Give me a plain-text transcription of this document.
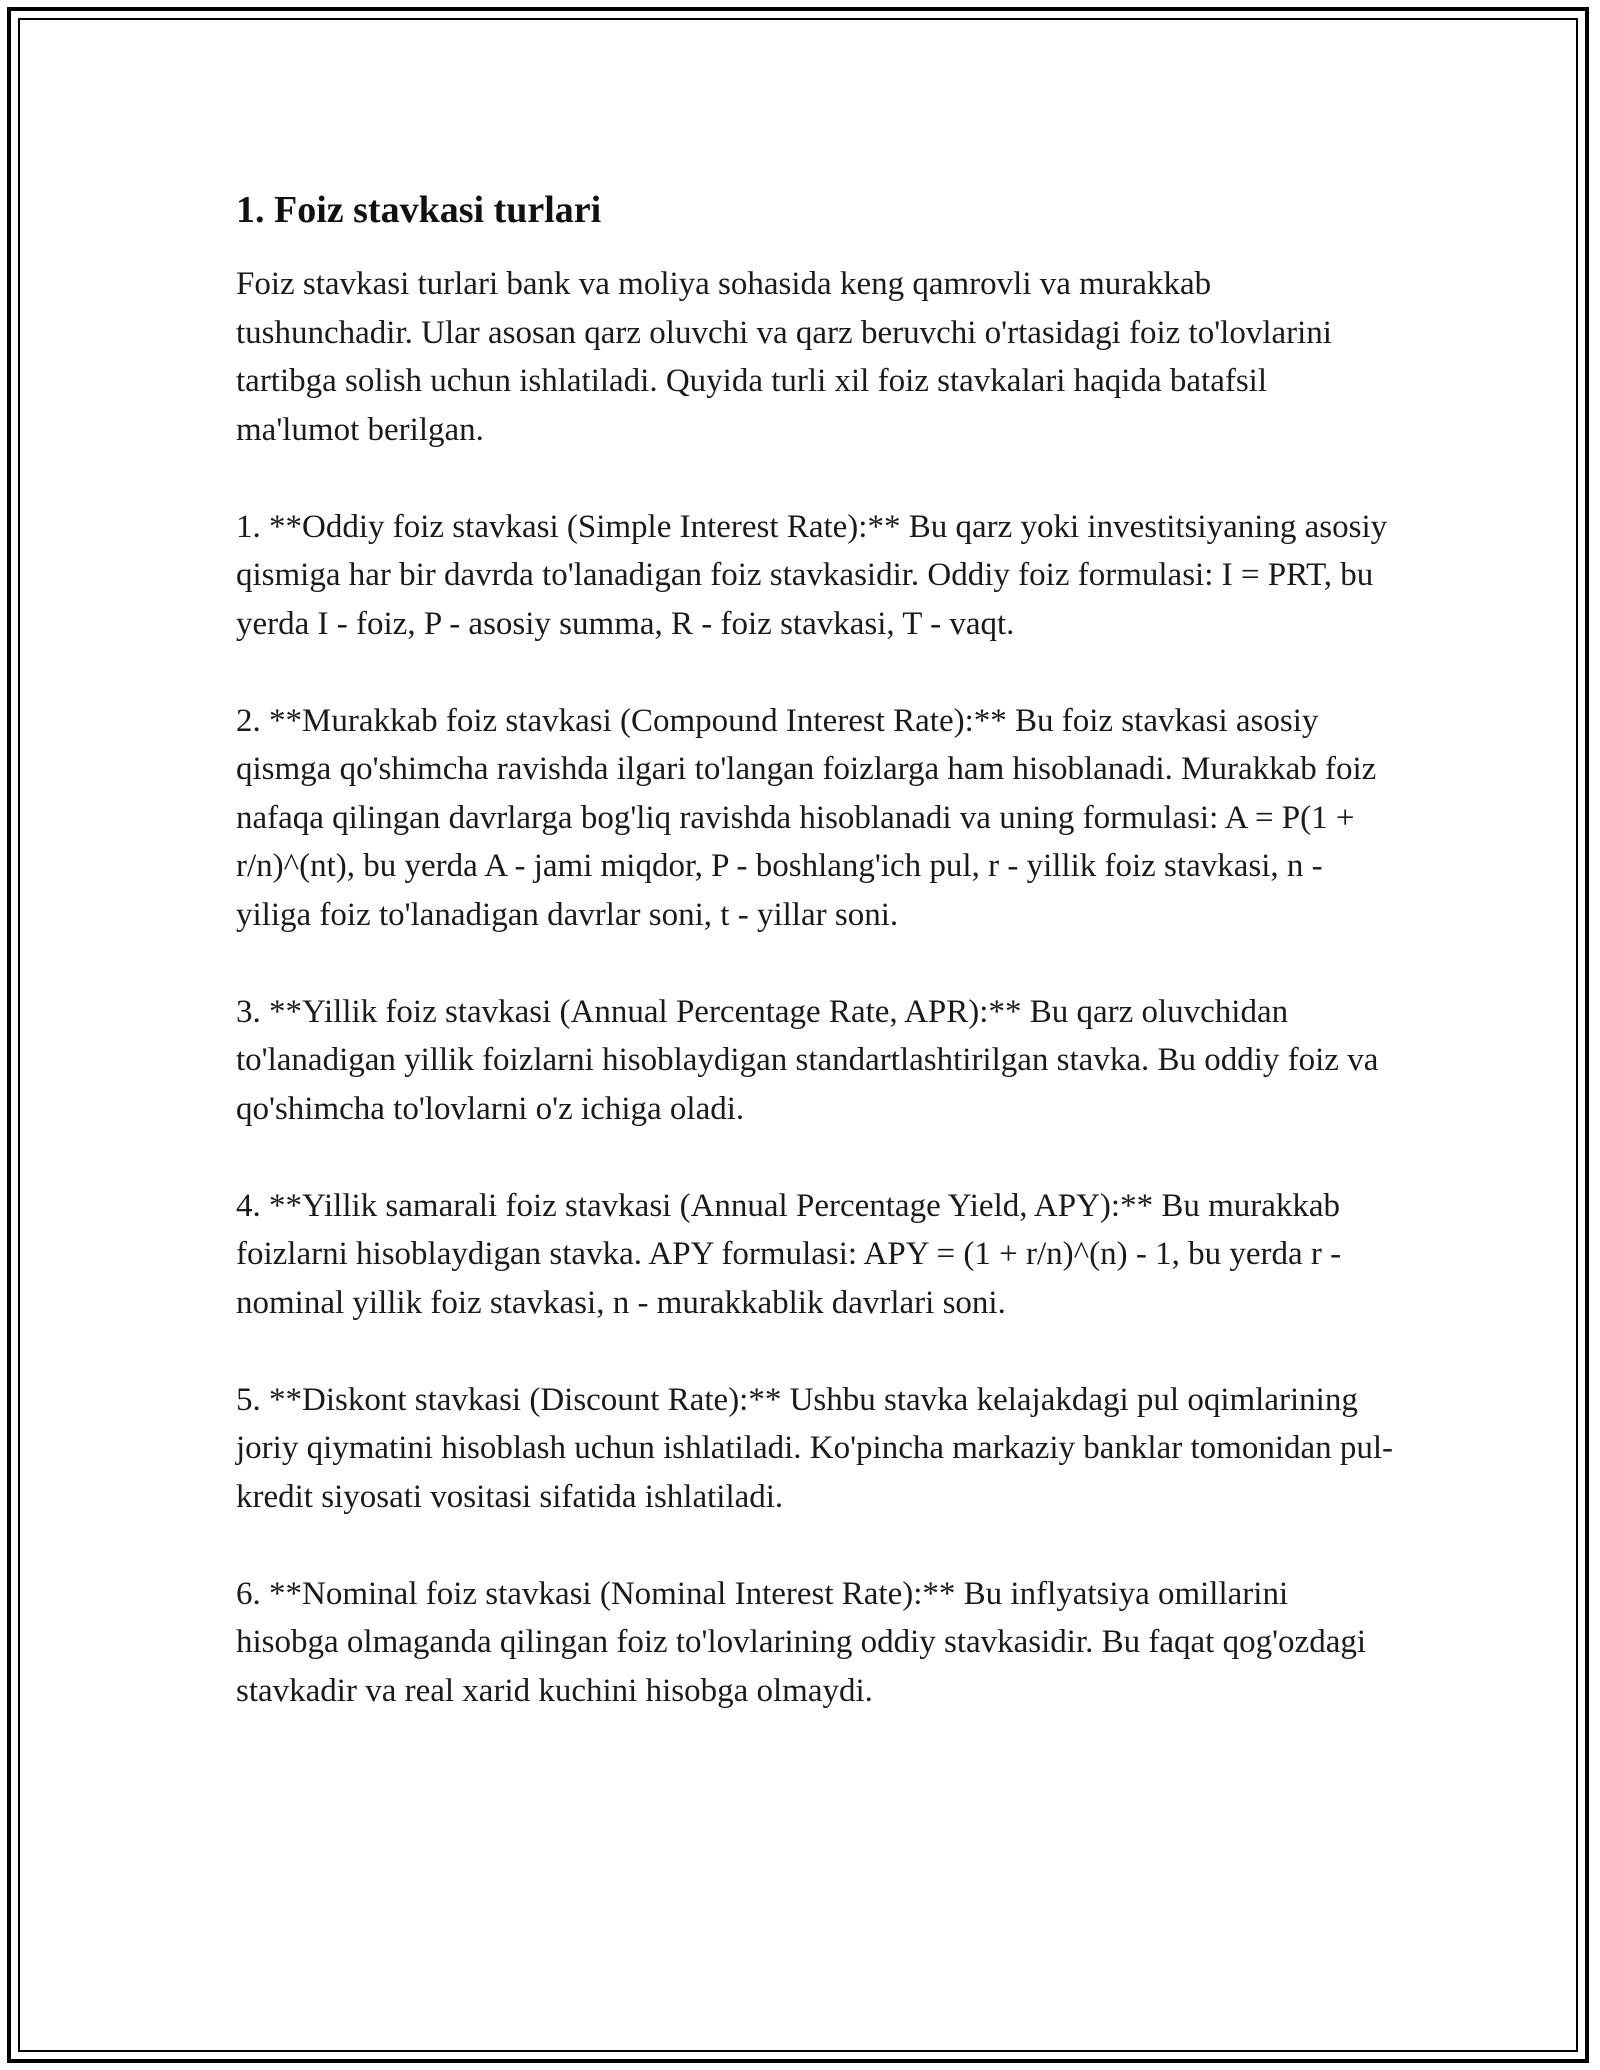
1. Foiz stavkasi turlari

Foiz stavkasi turlari bank va moliya sohasida keng qamrovli va murakkab tushunchadir. Ular asosan qarz oluvchi va qarz beruvchi o'rtasidagi foiz to'lovlarini tartibga solish uchun ishlatiladi. Quyida turli xil foiz stavkalari haqida batafsil ma'lumot berilgan.

1. **Oddiy foiz stavkasi (Simple Interest Rate):** Bu qarz yoki investitsiyaning asosiy qismiga har bir davrda to'lanadigan foiz stavkasidir. Oddiy foiz formulasi: I = PRT, bu yerda I - foiz, P - asosiy summa, R - foiz stavkasi, T - vaqt.

2. **Murakkab foiz stavkasi (Compound Interest Rate):** Bu foiz stavkasi asosiy qismga qo'shimcha ravishda ilgari to'langan foizlarga ham hisoblanadi. Murakkab foiz nafaqa qilingan davrlarga bog'liq ravishda hisoblanadi va uning formulasi: A = P(1 + r/n)^(nt), bu yerda A - jami miqdor, P - boshlang'ich pul, r - yillik foiz stavkasi, n - yiliga foiz to'lanadigan davrlar soni, t - yillar soni.

3. **Yillik foiz stavkasi (Annual Percentage Rate, APR):** Bu qarz oluvchidan to'lanadigan yillik foizlarni hisoblaydigan standartlashtirilgan stavka. Bu oddiy foiz va qo'shimcha to'lovlarni o'z ichiga oladi.

4. **Yillik samarali foiz stavkasi (Annual Percentage Yield, APY):** Bu murakkab foizlarni hisoblaydigan stavka. APY formulasi: APY = (1 + r/n)^(n) - 1, bu yerda r - nominal yillik foiz stavkasi, n - murakkablik davrlari soni.

5. **Diskont stavkasi (Discount Rate):** Ushbu stavka kelajakdagi pul oqimlarining joriy qiymatini hisoblash uchun ishlatiladi. Ko'pincha markaziy banklar tomonidan pul-kredit siyosati vositasi sifatida ishlatiladi.

6. **Nominal foiz stavkasi (Nominal Interest Rate):** Bu inflyatsiya omillarini hisobga olmaganda qilingan foiz to'lovlarining oddiy stavkasidir. Bu faqat qog'ozdagi stavkadir va real xarid kuchini hisobga olmaydi.
